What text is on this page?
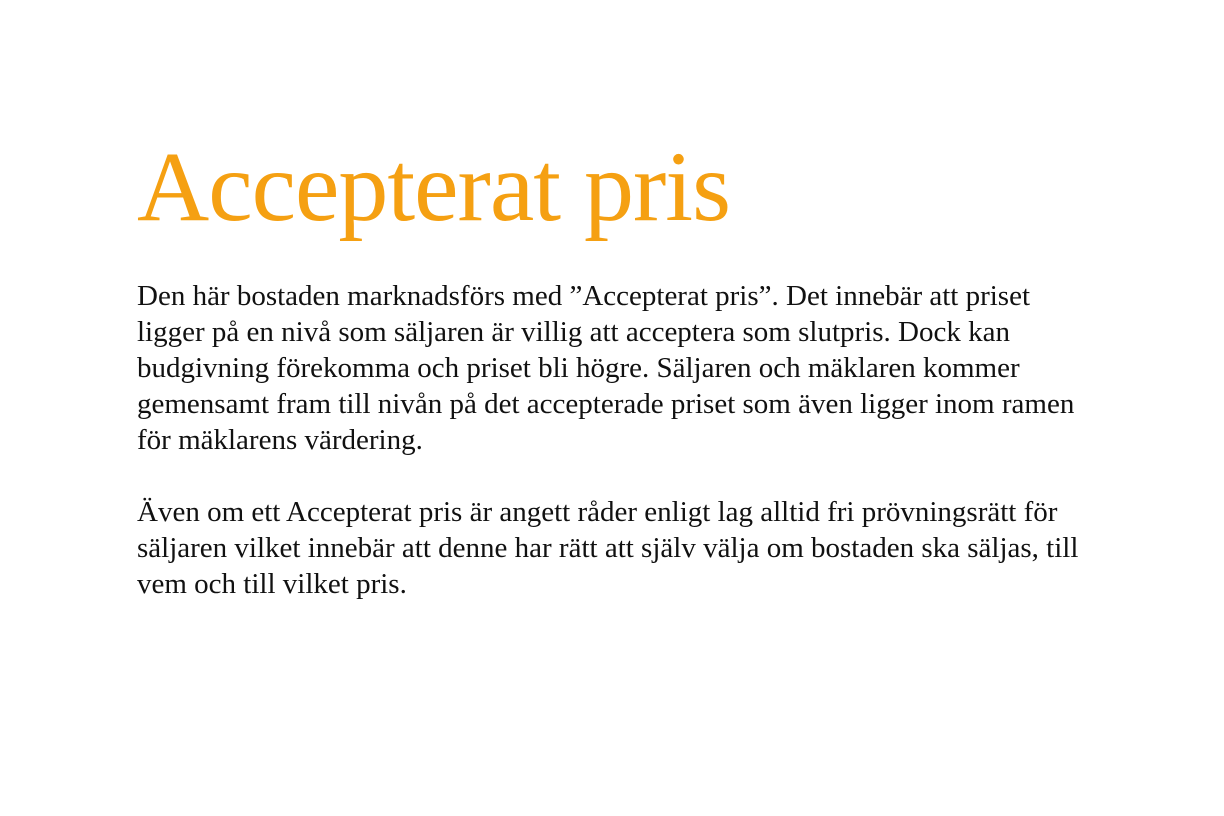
Accepterat pris

Den här bostaden marknadsförs med ”Accepterat pris”. Det innebär att priset ligger på en nivå som säljaren är villig att acceptera som slutpris. Dock kan budgivning förekomma och priset bli högre. Säljaren och mäklaren kommer gemensamt fram till nivån på det accepterade priset som även ligger inom ramen för mäklarens värdering.

Även om ett Accepterat pris är angett råder enligt lag alltid fri prövningsrätt för säljaren vilket innebär att denne har rätt att själv välja om bostaden ska säljas, till vem och till vilket pris.
